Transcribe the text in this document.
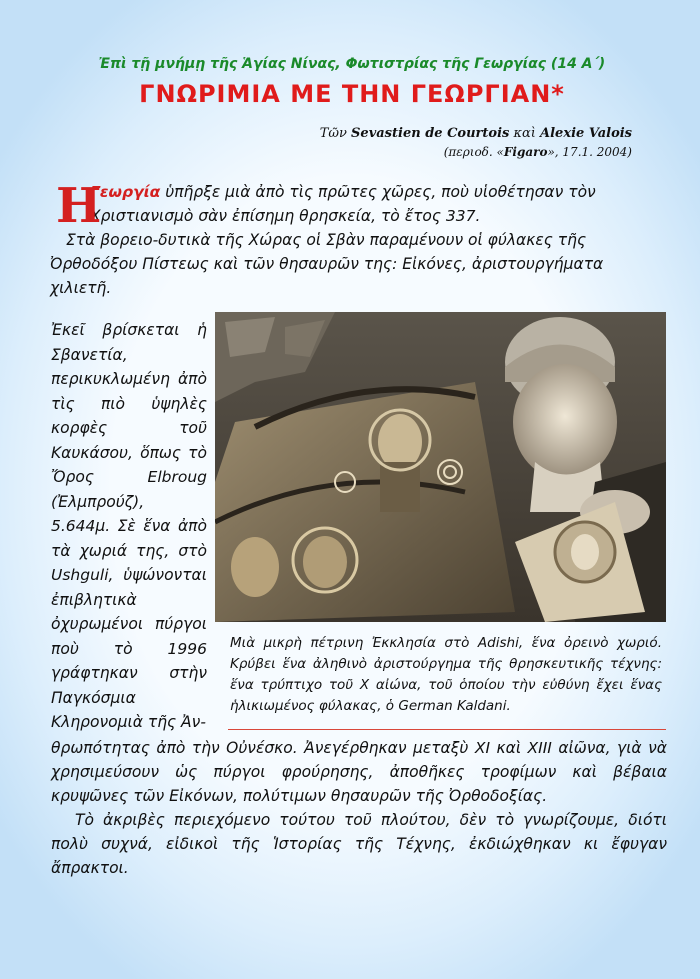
Ἐπὶ τῇ μνήμῃ τῆς Ἁγίας Νίνας, Φωτιστρίας τῆς Γεωργίας (14 Α΄)

ΓΝΩΡΙΜΙΑ ΜΕ ΤΗΝ ΓΕΩΡΓΙΑΝ*

Τῶν Sevastien de Courtois καὶ Alexie Valois

(περιοδ. «Figaro», 17.1. 2004)

Η

Γεωργία ὑπῆρξε μιὰ ἀπὸ τὶς πρῶτες χῶρες, ποὺ υἱοθέτησαν τὸν Χριστιανισμὸ σὰν ἐπίσημη θρησκεία, τὸ ἔτος 337.

Στὰ βορειο-δυτικὰ τῆς Χώρας οἱ Σβὰν παραμένουν οἱ φύλακες τῆς Ὀρθοδόξου Πίστεως καὶ τῶν θησαυρῶν της: Εἰκόνες, ἀριστουργήματα χιλιετῆ.

Ἐκεῖ βρίσκεται ἡ Σβανετία, περικυκλωμένη ἀπὸ τὶς πιὸ ὑψηλὲς κορφὲς τοῦ Καυκάσου, ὅπως τὸ Ὄρος Elbroug (Ἐλμπρούζ), 5.644μ. Σὲ ἕνα ἀπὸ τὰ χωριά της, στὸ Ushguli, ὑψώνονται ἐπιβλητικὰ ὀχυρωμένοι πύργοι ποὺ τὸ 1996 γράφτηκαν στὴν Παγκόσμια Κληρονομιὰ τῆς Ἀν-
Μιὰ μικρὴ πέτρινη Ἐκκλησία στὸ Adishi, ἕνα ὀρεινὸ χωριό. Κρύβει ἕνα ἀληθινὸ ἀριστούργημα τῆς θρησκευτικῆς τέχνης: ἕνα τρύπτιχο τοῦ Χ αἰώνα, τοῦ ὁποίου τὴν εὐθύνη ἔχει ἕνας ἡλικιωμένος φύλακας, ὁ German Kaldani.

θρωπότητας ἀπὸ τὴν Οὐνέσκο. Ἀνεγέρθηκαν μεταξὺ XI καὶ XIII αἰῶνα, γιὰ νὰ χρησιμεύσουν ὡς πύργοι φρούρησης, ἀποθῆκες τροφίμων καὶ βέβαια κρυψῶνες τῶν Εἰκόνων, πολύτιμων θησαυρῶν τῆς Ὀρθοδοξίας.

Τὸ ἀκριβὲς περιεχόμενο τούτου τοῦ πλούτου, δὲν τὸ γνωρίζουμε, διότι πολὺ συχνά, εἰδικοὶ τῆς Ἱστορίας τῆς Τέχνης, ἐκδιώχθηκαν κι ἔφυγαν ἄπρακτοι.
